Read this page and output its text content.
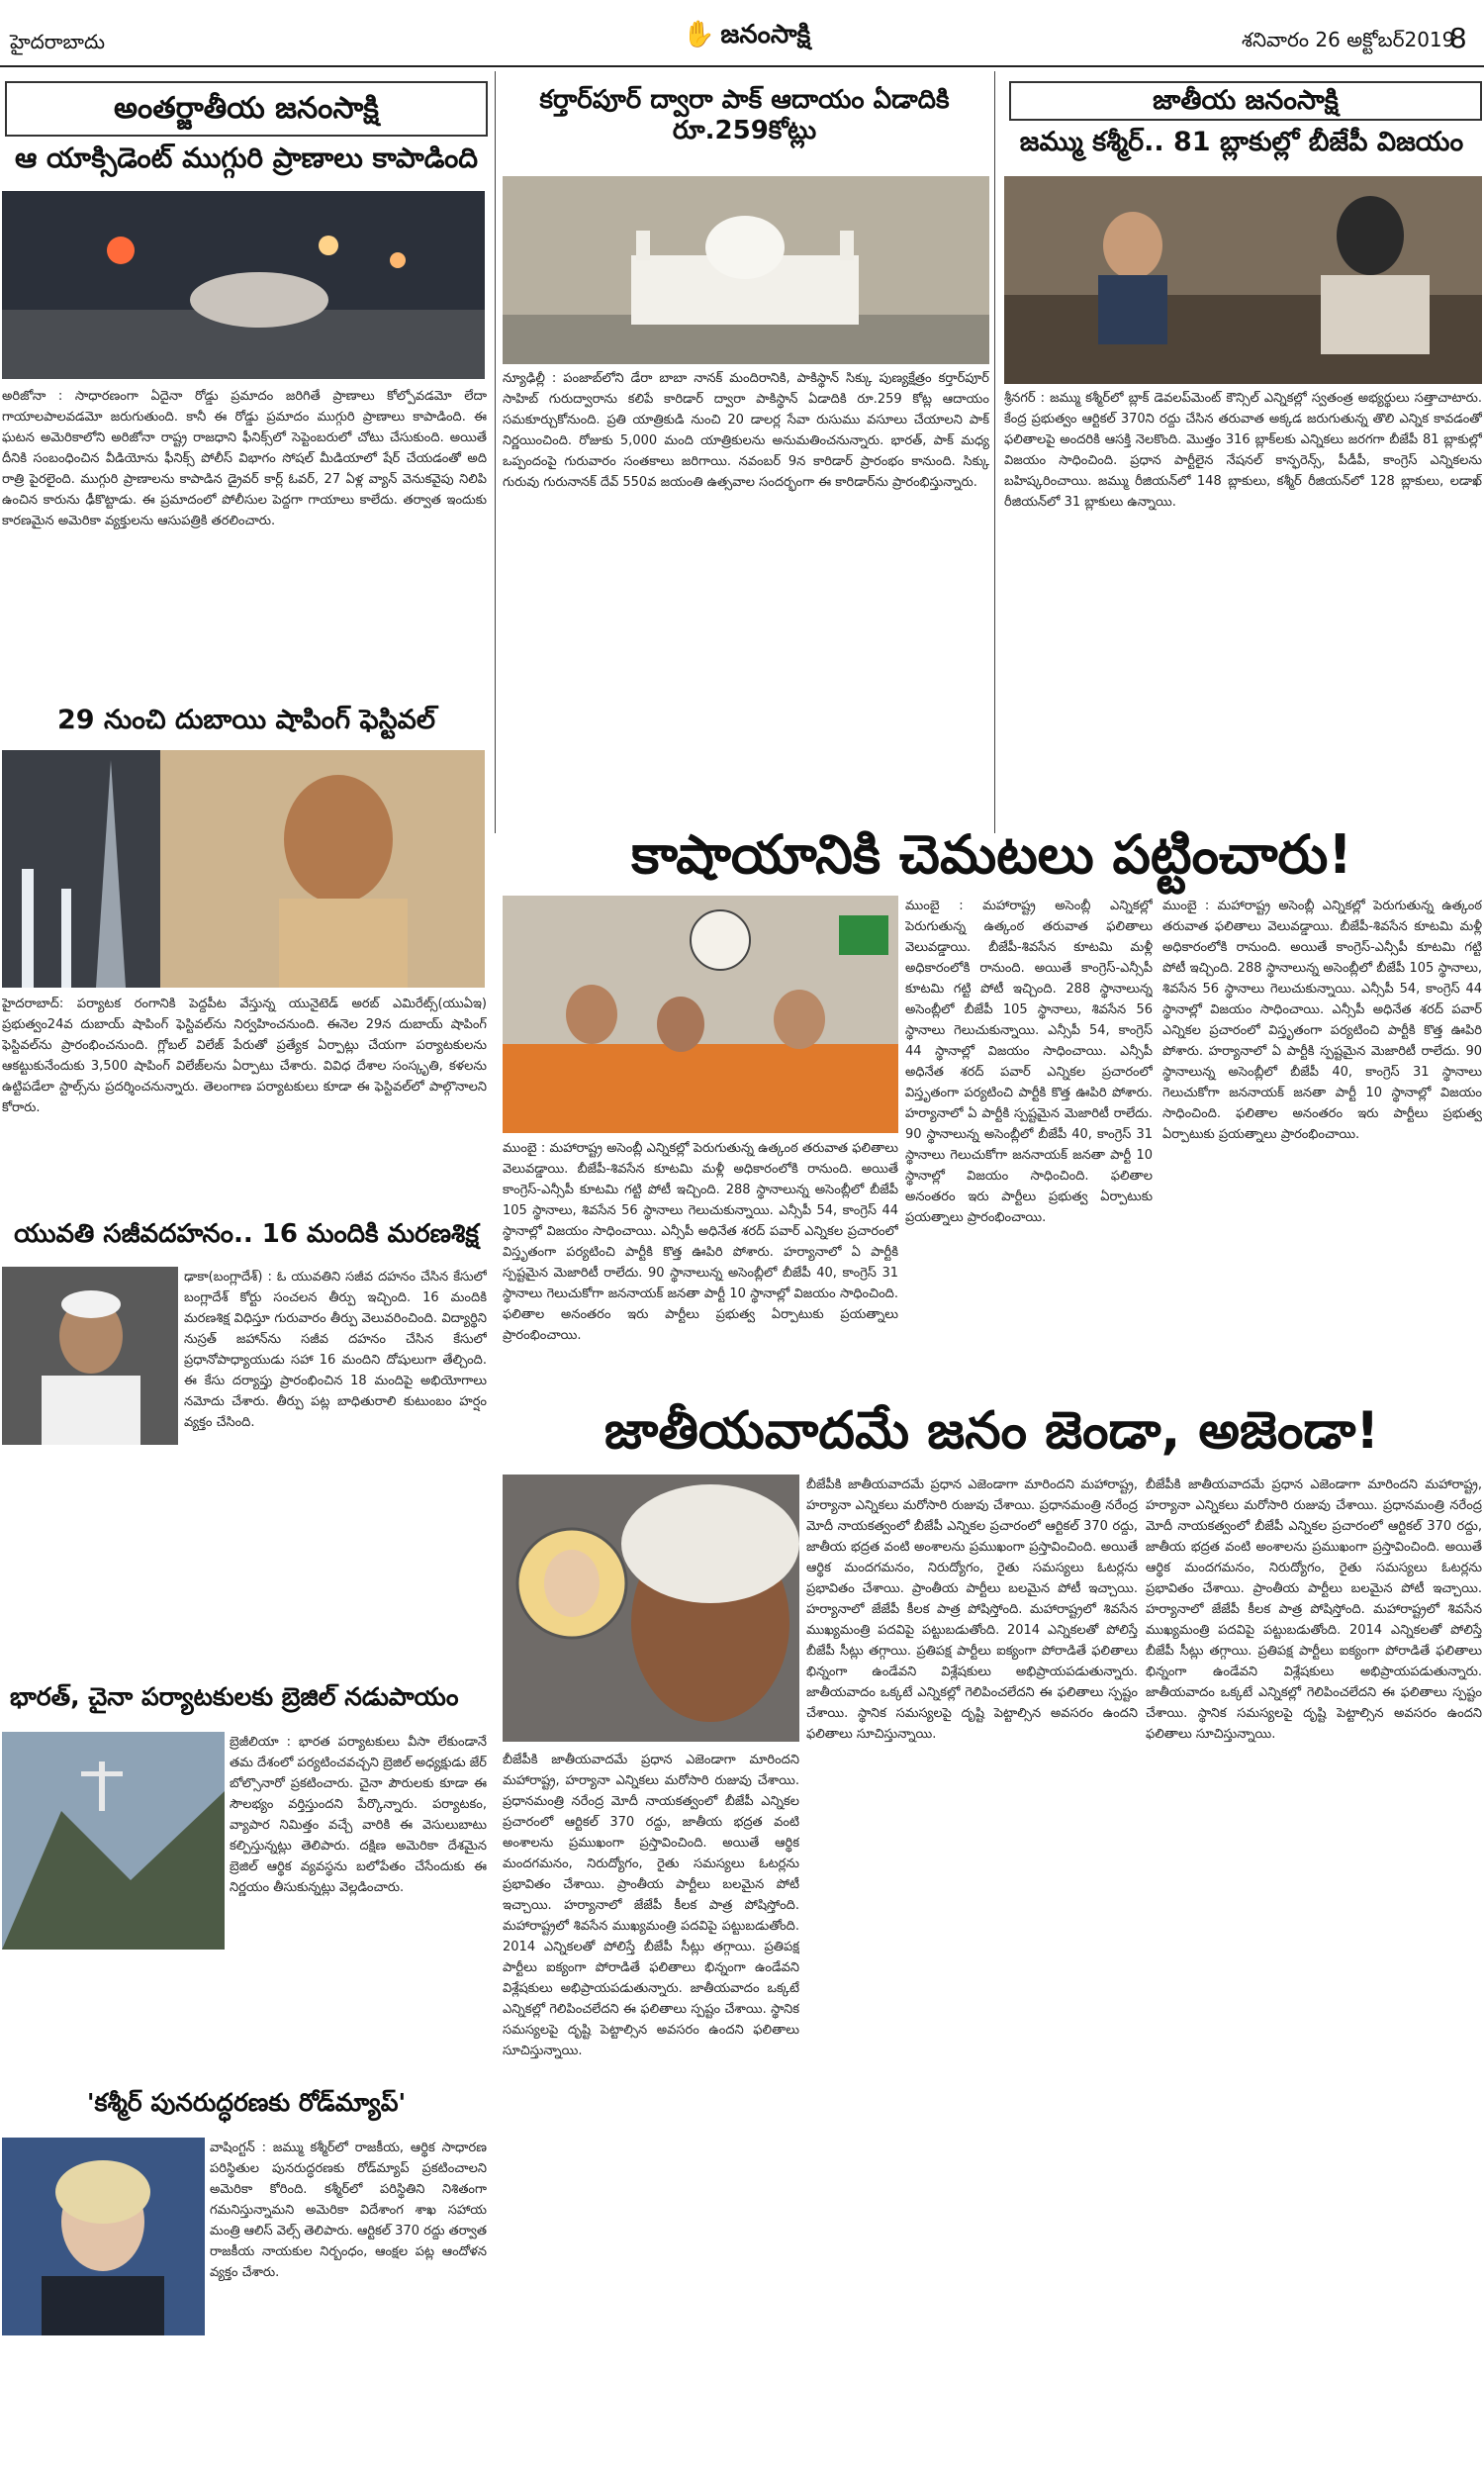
హైదరాబాదు	✋ జనంసాక్షి	శనివారం 26 అక్టోబర్‌2019
8
అంతర్జాతీయ జనంసాక్షి
ఆ యాక్సిడెంట్ ముగ్గురి ప్రాణాలు కాపాడింది
అరిజోనా : సాధారణంగా ఏదైనా రోడ్డు ప్రమాదం జరిగితే ప్రాణాలు కోల్పోవడమో లేదా గాయాలపాలవడమో జరుగుతుంది. కానీ ఈ రోడ్డు ప్రమాదం ముగ్గురి ప్రాణాలు కాపాడింది. ఈ ఘటన అమెరికాలోని అరిజోనా రాష్ట్ర రాజధాని ఫీనిక్స్‌లో సెప్టెంబరులో చోటు చేసుకుంది. అయితే దీనికి సంబంధించిన వీడియోను ఫీనిక్స్ పోలీస్ విభాగం సోషల్ మీడియాలో షేర్ చేయడంతో అది రాత్రి పైరలైంది. ముగ్గురి ప్రాణాలను కాపాడిన డ్రైవర్‌ కార్ల్ ఓవర్‌, 27 ఏళ్ల వ్యాన్‌ వెనుకవైపు నిలిపి ఉంచిన కారును ఢీకొట్టాడు. ఈ ప్రమాదంలో పోలీసుల పెద్దగా గాయాలు కాలేదు. తర్వాత ఇందుకు కారణమైన అమెరికా వ్యక్తులను ఆసుపత్రికి తరలించారు.
29 నుంచి దుబాయి షాపింగ్ ఫెస్టివల్
హైదరాబాద్: పర్యాటక రంగానికి పెద్దపీట వేస్తున్న యునైటెడ్ అరబ్ ఎమిరేట్స్(యుఏఇ) ప్రభుత్వం24వ దుబాయ్ షాపింగ్ ఫెస్టివల్‌ను నిర్వహించనుంది. ఈనెల 29న దుబాయ్ షాపింగ్ ఫెస్టివల్‌ను ప్రారంభించనుంది. గ్లోబల్ విలేజ్ పేరుతో ప్రత్యేక ఏర్పాట్లు చేయగా పర్యాటకులను ఆకట్టుకునేందుకు 3,500 షాపింగ్ విలేజ్‌లను ఏర్పాటు చేశారు. వివిధ దేశాల సంస్కృతి, కళలను ఉట్టిపడేలా స్టాల్స్‌ను ప్రదర్శించనున్నారు. తెలంగాణ పర్యాటకులు కూడా ఈ ఫెస్టివల్‌లో పాల్గొనాలని కోరారు.
యువతి సజీవదహనం.. 16 మందికి మరణశిక్ష
ఢాకా(బంగ్లాదేశ్) : ఓ యువతిని సజీవ దహనం చేసిన కేసులో బంగ్లాదేశ్ కోర్టు సంచలన తీర్పు ఇచ్చింది. 16 మందికి మరణశిక్ష విధిస్తూ గురువారం తీర్పు వెలువరించింది. విద్యార్థిని నుస్రత్ జహాన్‌ను సజీవ దహనం చేసిన కేసులో ప్రధానోపాధ్యాయుడు సహా 16 మందిని దోషులుగా తేల్చింది. ఈ కేసు దర్యాప్తు ప్రారంభించిన 18 మందిపై అభియోగాలు నమోదు చేశారు. తీర్పు పట్ల బాధితురాలి కుటుంబం హర్షం వ్యక్తం చేసింది.
భారత్, చైనా పర్యాటకులకు బ్రెజిల్ నడుపాయం
బ్రెజీలియా : భారత పర్యాటకులు వీసా లేకుండానే తమ దేశంలో పర్యటించవచ్చని బ్రెజిల్ అధ్యక్షుడు జేర్ బోల్సొనారో ప్రకటించారు. చైనా పౌరులకు కూడా ఈ సౌలభ్యం వర్తిస్తుందని పేర్కొన్నారు. పర్యాటకం, వ్యాపార నిమిత్తం వచ్చే వారికి ఈ వెసులుబాటు కల్పిస్తున్నట్లు తెలిపారు. దక్షిణ అమెరికా దేశమైన బ్రెజిల్ ఆర్థిక వ్యవస్థను బలోపేతం చేసేందుకు ఈ నిర్ణయం తీసుకున్నట్లు వెల్లడించారు.
'కశ్మీర్ పునరుద్ధరణకు రోడ్‌మ్యాప్'
వాషింగ్టన్ : జమ్ము కశ్మీర్‌లో రాజకీయ, ఆర్థిక సాధారణ పరిస్థితుల పునరుద్ధరణకు రోడ్‌మ్యాప్ ప్రకటించాలని అమెరికా కోరింది. కశ్మీర్‌లో పరిస్థితిని నిశితంగా గమనిస్తున్నామని అమెరికా విదేశాంగ శాఖ సహాయ మంత్రి ఆలిస్ వెల్స్ తెలిపారు. ఆర్టికల్ 370 రద్దు తర్వాత రాజకీయ నాయకుల నిర్బంధం, ఆంక్షల పట్ల ఆందోళన వ్యక్తం చేశారు.
కర్తార్‌పూర్ ద్వారా పాక్ ఆదాయం ఏడాదికి రూ.259కోట్లు
న్యూఢిల్లీ : పంజాబ్‌లోని డేరా బాబా నానక్ మందిరానికి, పాకిస్థాన్ సిక్కు పుణ్యక్షేత్రం కర్తార్‌పూర్ సాహిబ్ గురుద్వారాను కలిపే కారిడార్ ద్వారా పాకిస్థాన్ ఏడాదికి రూ.259 కోట్ల ఆదాయం సమకూర్చుకోనుంది. ప్రతి యాత్రికుడి నుంచి 20 డాలర్ల సేవా రుసుము వసూలు చేయాలని పాక్ నిర్ణయించింది. రోజుకు 5,000 మంది యాత్రికులను అనుమతించనున్నారు. భారత్, పాక్ మధ్య ఒప్పందంపై గురువారం సంతకాలు జరిగాయి. నవంబర్ 9న కారిడార్ ప్రారంభం కానుంది. సిక్కు గురువు గురునానక్ దేవ్ 550వ జయంతి ఉత్సవాల సందర్భంగా ఈ కారిడార్‌ను ప్రారంభిస్తున్నారు.
జాతీయ జనంసాక్షి
జమ్ము కశ్మీర్.. 81 బ్లాకుల్లో బీజేపీ విజయం
శ్రీనగర్ : జమ్ము కశ్మీర్‌లో బ్లాక్ డెవలప్‌మెంట్ కౌన్సిల్ ఎన్నికల్లో స్వతంత్ర అభ్యర్థులు సత్తాచాటారు. కేంద్ర ప్రభుత్వం ఆర్టికల్ 370ని రద్దు చేసిన తరువాత అక్కడ జరుగుతున్న తొలి ఎన్నిక కావడంతో ఫలితాలపై అందరికి ఆసక్తి నెలకొంది. మొత్తం 316 బ్లాక్‌లకు ఎన్నికలు జరగగా బీజేపీ 81 బ్లాకుల్లో విజయం సాధించింది. ప్రధాన పార్టీలైన నేషనల్ కాన్ఫరెన్స్, పీడీపీ, కాంగ్రెస్ ఎన్నికలను బహిష్కరించాయి. జమ్ము రీజియన్‌లో 148 బ్లాకులు, కశ్మీర్ రీజియన్‌లో 128 బ్లాకులు, లడాఖ్ రీజియన్‌లో 31 బ్లాకులు ఉన్నాయి.
కాషాయానికి చెమటలు పట్టించారు!
ముంబై : మహారాష్ట్ర అసెంబ్లీ ఎన్నికల్లో పెరుగుతున్న ఉత్కంఠ తరువాత ఫలితాలు వెలువడ్డాయి. బీజేపీ-శివసేన కూటమి మళ్లీ అధికారంలోకి రానుంది. అయితే కాంగ్రెస్-ఎన్సీపీ కూటమి గట్టి పోటీ ఇచ్చింది. 288 స్థానాలున్న అసెంబ్లీలో బీజేపీ 105 స్థానాలు, శివసేన 56 స్థానాలు గెలుచుకున్నాయి. ఎన్సీపీ 54, కాంగ్రెస్ 44 స్థానాల్లో విజయం సాధించాయి. ఎన్సీపీ అధినేత శరద్ పవార్ ఎన్నికల ప్రచారంలో విస్తృతంగా పర్యటించి పార్టీకి కొత్త ఊపిరి పోశారు. హర్యానాలో ఏ పార్టీకి స్పష్టమైన మెజారిటీ రాలేదు. 90 స్థానాలున్న అసెంబ్లీలో బీజేపీ 40, కాంగ్రెస్ 31 స్థానాలు గెలుచుకోగా జననాయక్ జనతా పార్టీ 10 స్థానాల్లో విజయం సాధించింది. ఫలితాల అనంతరం ఇరు పార్టీలు ప్రభుత్వ ఏర్పాటుకు ప్రయత్నాలు ప్రారంభించాయి.
ముంబై : మహారాష్ట్ర అసెంబ్లీ ఎన్నికల్లో పెరుగుతున్న ఉత్కంఠ తరువాత ఫలితాలు వెలువడ్డాయి. బీజేపీ-శివసేన కూటమి మళ్లీ అధికారంలోకి రానుంది. అయితే కాంగ్రెస్-ఎన్సీపీ కూటమి గట్టి పోటీ ఇచ్చింది. 288 స్థానాలున్న అసెంబ్లీలో బీజేపీ 105 స్థానాలు, శివసేన 56 స్థానాలు గెలుచుకున్నాయి. ఎన్సీపీ 54, కాంగ్రెస్ 44 స్థానాల్లో విజయం సాధించాయి. ఎన్సీపీ అధినేత శరద్ పవార్ ఎన్నికల ప్రచారంలో విస్తృతంగా పర్యటించి పార్టీకి కొత్త ఊపిరి పోశారు. హర్యానాలో ఏ పార్టీకి స్పష్టమైన మెజారిటీ రాలేదు. 90 స్థానాలున్న అసెంబ్లీలో బీజేపీ 40, కాంగ్రెస్ 31 స్థానాలు గెలుచుకోగా జననాయక్ జనతా పార్టీ 10 స్థానాల్లో విజయం సాధించింది. ఫలితాల అనంతరం ఇరు పార్టీలు ప్రభుత్వ ఏర్పాటుకు ప్రయత్నాలు ప్రారంభించాయి.
ముంబై : మహారాష్ట్ర అసెంబ్లీ ఎన్నికల్లో పెరుగుతున్న ఉత్కంఠ తరువాత ఫలితాలు వెలువడ్డాయి. బీజేపీ-శివసేన కూటమి మళ్లీ అధికారంలోకి రానుంది. అయితే కాంగ్రెస్-ఎన్సీపీ కూటమి గట్టి పోటీ ఇచ్చింది. 288 స్థానాలున్న అసెంబ్లీలో బీజేపీ 105 స్థానాలు, శివసేన 56 స్థానాలు గెలుచుకున్నాయి. ఎన్సీపీ 54, కాంగ్రెస్ 44 స్థానాల్లో విజయం సాధించాయి. ఎన్సీపీ అధినేత శరద్ పవార్ ఎన్నికల ప్రచారంలో విస్తృతంగా పర్యటించి పార్టీకి కొత్త ఊపిరి పోశారు. హర్యానాలో ఏ పార్టీకి స్పష్టమైన మెజారిటీ రాలేదు. 90 స్థానాలున్న అసెంబ్లీలో బీజేపీ 40, కాంగ్రెస్ 31 స్థానాలు గెలుచుకోగా జననాయక్ జనతా పార్టీ 10 స్థానాల్లో విజయం సాధించింది. ఫలితాల అనంతరం ఇరు పార్టీలు ప్రభుత్వ ఏర్పాటుకు ప్రయత్నాలు ప్రారంభించాయి.
జాతీయవాదమే జనం జెండా, అజెండా!
బీజేపీకి జాతీయవాదమే ప్రధాన ఎజెండాగా మారిందని మహారాష్ట్ర, హర్యానా ఎన్నికలు మరోసారి రుజువు చేశాయి. ప్రధానమంత్రి నరేంద్ర మోదీ నాయకత్వంలో బీజేపీ ఎన్నికల ప్రచారంలో ఆర్టికల్ 370 రద్దు, జాతీయ భద్రత వంటి అంశాలను ప్రముఖంగా ప్రస్తావించింది. అయితే ఆర్థిక మందగమనం, నిరుద్యోగం, రైతు సమస్యలు ఓటర్లను ప్రభావితం చేశాయి. ప్రాంతీయ పార్టీలు బలమైన పోటీ ఇచ్చాయి. హర్యానాలో జేజేపీ కీలక పాత్ర పోషిస్తోంది. మహారాష్ట్రలో శివసేన ముఖ్యమంత్రి పదవిపై పట్టుబడుతోంది. 2014 ఎన్నికలతో పోలిస్తే బీజేపీ సీట్లు తగ్గాయి. ప్రతిపక్ష పార్టీలు ఐక్యంగా పోరాడితే ఫలితాలు భిన్నంగా ఉండేవని విశ్లేషకులు అభిప్రాయపడుతున్నారు. జాతీయవాదం ఒక్కటే ఎన్నికల్లో గెలిపించలేదని ఈ ఫలితాలు స్పష్టం చేశాయి. స్థానిక సమస్యలపై దృష్టి పెట్టాల్సిన అవసరం ఉందని ఫలితాలు సూచిస్తున్నాయి.
బీజేపీకి జాతీయవాదమే ప్రధాన ఎజెండాగా మారిందని మహారాష్ట్ర, హర్యానా ఎన్నికలు మరోసారి రుజువు చేశాయి. ప్రధానమంత్రి నరేంద్ర మోదీ నాయకత్వంలో బీజేపీ ఎన్నికల ప్రచారంలో ఆర్టికల్ 370 రద్దు, జాతీయ భద్రత వంటి అంశాలను ప్రముఖంగా ప్రస్తావించింది. అయితే ఆర్థిక మందగమనం, నిరుద్యోగం, రైతు సమస్యలు ఓటర్లను ప్రభావితం చేశాయి. ప్రాంతీయ పార్టీలు బలమైన పోటీ ఇచ్చాయి. హర్యానాలో జేజేపీ కీలక పాత్ర పోషిస్తోంది. మహారాష్ట్రలో శివసేన ముఖ్యమంత్రి పదవిపై పట్టుబడుతోంది. 2014 ఎన్నికలతో పోలిస్తే బీజేపీ సీట్లు తగ్గాయి. ప్రతిపక్ష పార్టీలు ఐక్యంగా పోరాడితే ఫలితాలు భిన్నంగా ఉండేవని విశ్లేషకులు అభిప్రాయపడుతున్నారు. జాతీయవాదం ఒక్కటే ఎన్నికల్లో గెలిపించలేదని ఈ ఫలితాలు స్పష్టం చేశాయి. స్థానిక సమస్యలపై దృష్టి పెట్టాల్సిన అవసరం ఉందని ఫలితాలు సూచిస్తున్నాయి.
బీజేపీకి జాతీయవాదమే ప్రధాన ఎజెండాగా మారిందని మహారాష్ట్ర, హర్యానా ఎన్నికలు మరోసారి రుజువు చేశాయి. ప్రధానమంత్రి నరేంద్ర మోదీ నాయకత్వంలో బీజేపీ ఎన్నికల ప్రచారంలో ఆర్టికల్ 370 రద్దు, జాతీయ భద్రత వంటి అంశాలను ప్రముఖంగా ప్రస్తావించింది. అయితే ఆర్థిక మందగమనం, నిరుద్యోగం, రైతు సమస్యలు ఓటర్లను ప్రభావితం చేశాయి. ప్రాంతీయ పార్టీలు బలమైన పోటీ ఇచ్చాయి. హర్యానాలో జేజేపీ కీలక పాత్ర పోషిస్తోంది. మహారాష్ట్రలో శివసేన ముఖ్యమంత్రి పదవిపై పట్టుబడుతోంది. 2014 ఎన్నికలతో పోలిస్తే బీజేపీ సీట్లు తగ్గాయి. ప్రతిపక్ష పార్టీలు ఐక్యంగా పోరాడితే ఫలితాలు భిన్నంగా ఉండేవని విశ్లేషకులు అభిప్రాయపడుతున్నారు. జాతీయవాదం ఒక్కటే ఎన్నికల్లో గెలిపించలేదని ఈ ఫలితాలు స్పష్టం చేశాయి. స్థానిక సమస్యలపై దృష్టి పెట్టాల్సిన అవసరం ఉందని ఫలితాలు సూచిస్తున్నాయి.
